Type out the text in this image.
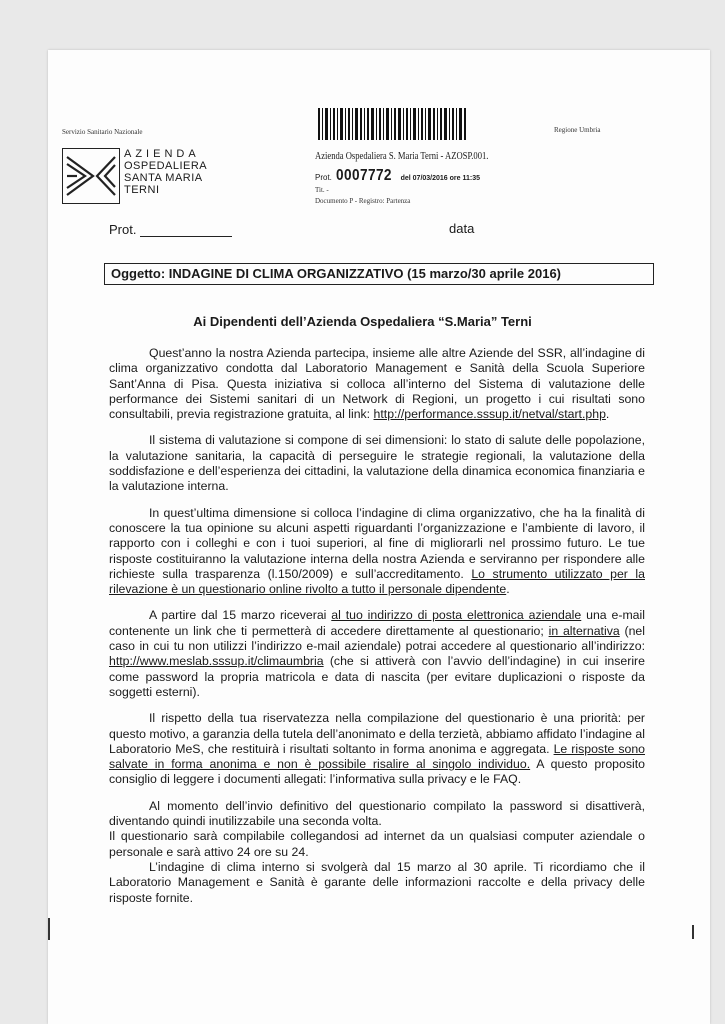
Servizio Sanitario Nazionale	Regione Umbria
AZIENDA
OSPEDALIERA
SANTA MARIA
TERNI
Azienda Ospedaliera S. Maria Terni - AZOSP.001.
Prot. 0007772 del 07/03/2016 ore 11:35
Tit. -
Documento P - Registro: Partenza
Prot.	data
Oggetto: INDAGINE DI CLIMA ORGANIZZATIVO (15 marzo/30 aprile 2016)
Ai Dipendenti dell’Azienda Ospedaliera “S.Maria” Terni

Quest’anno la nostra Azienda partecipa, insieme alle altre Aziende del SSR, all’indagine di clima organizzativo condotta dal Laboratorio Management e Sanità della Scuola Superiore Sant’Anna di Pisa. Questa iniziativa si colloca all’interno del Sistema di valutazione delle performance dei Sistemi sanitari di un Network di Regioni, un progetto i cui risultati sono consultabili, previa registrazione gratuita, al link: http://performance.sssup.it/netval/start.php.

Il sistema di valutazione si compone di sei dimensioni: lo stato di salute delle popolazione, la valutazione sanitaria, la capacità di perseguire le strategie regionali, la valutazione della soddisfazione e dell’esperienza dei cittadini, la valutazione della dinamica economica finanziaria e la valutazione interna.

In quest’ultima dimensione si colloca l’indagine di clima organizzativo, che ha la finalità di conoscere la tua opinione su alcuni aspetti riguardanti l’organizzazione e l’ambiente di lavoro, il rapporto con i colleghi e con i tuoi superiori, al fine di migliorarli nel prossimo futuro. Le tue risposte costituiranno la valutazione interna della nostra Azienda e serviranno per rispondere alle richieste sulla trasparenza (l.150/2009) e sull’accreditamento. Lo strumento utilizzato per la rilevazione è un questionario online rivolto a tutto il personale dipendente.

A partire dal 15 marzo riceverai al tuo indirizzo di posta elettronica aziendale una e-mail contenente un link che ti permetterà di accedere direttamente al questionario; in alternativa (nel caso in cui tu non utilizzi l’indirizzo e-mail aziendale) potrai accedere al questionario all’indirizzo: http://www.meslab.sssup.it/climaumbria (che si attiverà con l’avvio dell’indagine) in cui inserire come password la propria matricola e data di nascita (per evitare duplicazioni o risposte da soggetti esterni).

Il rispetto della tua riservatezza nella compilazione del questionario è una priorità: per questo motivo, a garanzia della tutela dell’anonimato e della terzietà, abbiamo affidato l’indagine al Laboratorio MeS, che restituirà i risultati soltanto in forma anonima e aggregata. Le risposte sono salvate in forma anonima e non è possibile risalire al singolo individuo. A questo proposito consiglio di leggere i documenti allegati: l’informativa sulla privacy e le FAQ.

Al momento dell’invio definitivo del questionario compilato la password si disattiverà, diventando quindi inutilizzabile una seconda volta.

Il questionario sarà compilabile collegandosi ad internet da un qualsiasi computer aziendale o personale e sarà attivo 24 ore su 24.

L’indagine di clima interno si svolgerà dal 15 marzo al 30 aprile. Ti ricordiamo che il Laboratorio Management e Sanità è garante delle informazioni raccolte e della privacy delle risposte fornite.
